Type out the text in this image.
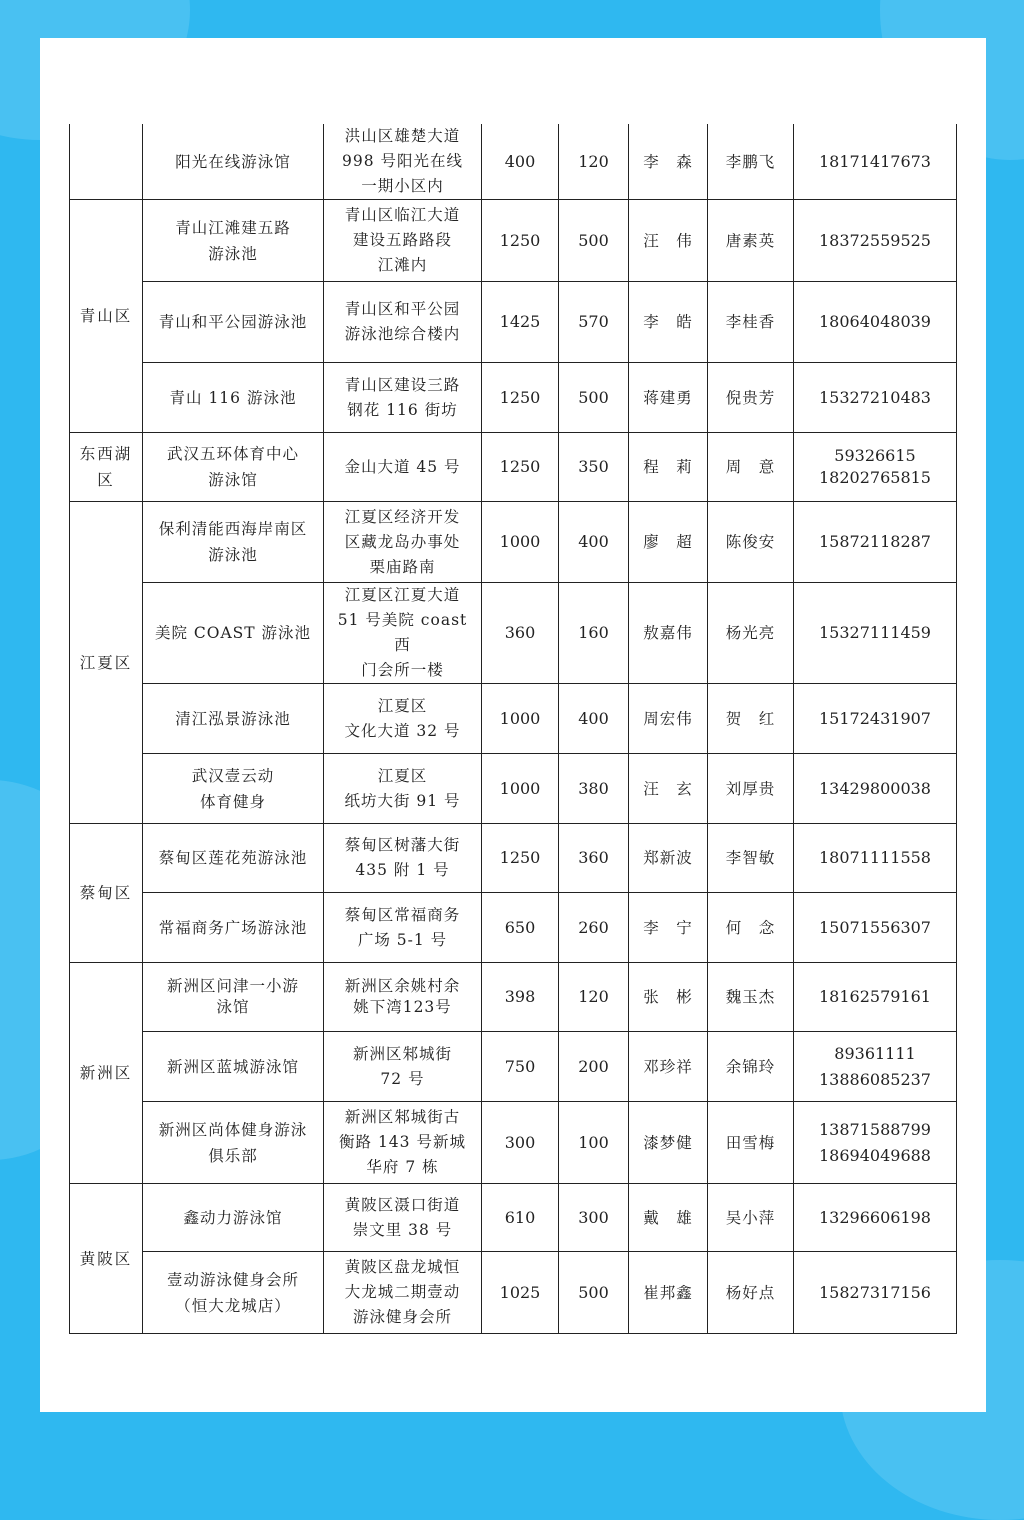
	阳光在线游泳馆	洪山区雄楚大道
998 号阳光在线
一期小区内	400	120	李　森	李鹏飞	18171417673
青山区	青山江滩建五路
游泳池	青山区临江大道
建设五路路段
江滩内	1250	500	汪　伟	唐素英	18372559525
	青山和平公园游泳池	青山区和平公园
游泳池综合楼内	1425	570	李　皓	李桂香	18064048039
	青山 116 游泳池	青山区建设三路
钢花 116 街坊	1250	500	蒋建勇	倪贵芳	15327210483
东西湖
区	武汉五环体育中心
游泳馆	金山大道 45 号	1250	350	程　莉	周　意	59326615
18202765815
江夏区	保利清能西海岸南区
游泳池	江夏区经济开发
区藏龙岛办事处
栗庙路南	1000	400	廖　超	陈俊安	15872118287
	美院 COAST 游泳池	江夏区江夏大道
51 号美院 coast 西
门会所一楼	360	160	敖嘉伟	杨光亮	15327111459
	清江泓景游泳池	江夏区
文化大道 32 号	1000	400	周宏伟	贺　红	15172431907
	武汉壹云动
体育健身	江夏区
纸坊大街 91 号	1000	380	汪　玄	刘厚贵	13429800038
蔡甸区	蔡甸区莲花苑游泳池	蔡甸区树藩大街
435 附 1 号	1250	360	郑新波	李智敏	18071111558
	常福商务广场游泳池	蔡甸区常福商务
广场 5-1 号	650	260	李　宁	何　念	15071556307
新洲区	新洲区问津一小游
泳馆	新洲区余姚村余
姚下湾123号	398	120	张　彬	魏玉杰	18162579161
	新洲区蓝城游泳馆	新洲区邾城街
72 号	750	200	邓珍祥	余锦玲	89361111
13886085237
	新洲区尚体健身游泳
俱乐部	新洲区邾城街古
衡路 143 号新城
华府 7 栋	300	100	漆梦健	田雪梅	13871588799
18694049688
黄陂区	鑫动力游泳馆	黄陂区滠口街道
崇文里 38 号	610	300	戴　雄	吴小萍	13296606198
	壹动游泳健身会所
（恒大龙城店）	黄陂区盘龙城恒
大龙城二期壹动
游泳健身会所	1025	500	崔邦鑫	杨好点	15827317156
